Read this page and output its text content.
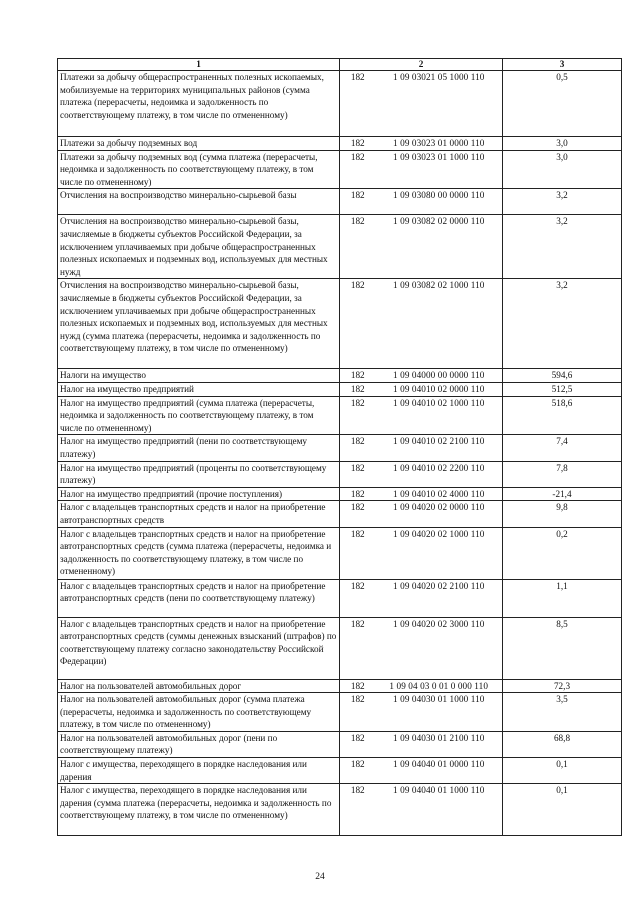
1	2		3
Платежи за добычу общераспространенных полезных ископаемых, мобилизуемые на территориях муниципальных районов (сумма платежа (перерасчеты, недоимка и задолженность по соответствующему платежу, в том числе по отмененному)	182	1 09 03021 05 1000 110	0,5
Платежи за добычу подземных вод	182	1 09 03023 01 0000 110	3,0
Платежи за добычу подземных вод (сумма платежа (перерасчеты, недоимка и задолженность по соответствующему платежу, в том числе по отмененному)	182	1 09 03023 01 1000 110	3,0
Отчисления на воспроизводство минерально-сырьевой базы	182	1 09 03080 00 0000 110	3,2
Отчисления на воспроизводство минерально-сырьевой базы, зачисляемые в бюджеты субъектов Российской Федерации, за исключением уплачиваемых при добыче общераспространенных полезных ископаемых и подземных вод, используемых для местных нужд	182	1 09 03082 02 0000 110	3,2
Отчисления на воспроизводство минерально-сырьевой базы, зачисляемые в бюджеты субъектов Российской Федерации, за исключением уплачиваемых при добыче общераспространенных полезных ископаемых и подземных вод, используемых для местных нужд (сумма платежа (перерасчеты, недоимка и задолженность по соответствующему платежу, в том числе по отмененному)	182	1 09 03082 02 1000 110	3,2
Налоги на имущество	182	1 09 04000 00 0000 110	594,6
Налог на имущество предприятий	182	1 09 04010 02 0000 110	512,5
Налог на имущество предприятий (сумма платежа (перерасчеты, недоимка и задолженность по соответствующему платежу, в том числе по отмененному)	182	1 09 04010 02 1000 110	518,6
Налог на имущество предприятий (пени по соответствующему платежу)	182	1 09 04010 02 2100 110	7,4
Налог на имущество предприятий (проценты по соответствующему платежу)	182	1 09 04010 02 2200 110	7,8
Налог на имущество предприятий (прочие поступления)	182	1 09 04010 02 4000 110	-21,4
Налог с владельцев транспортных средств и налог на приобретение автотранспортных средств	182	1 09 04020 02 0000 110	9,8
Налог с владельцев транспортных средств и налог на приобретение автотранспортных средств (сумма платежа (перерасчеты, недоимка и задолженность по соответствующему платежу, в том числе по отмененному)	182	1 09 04020 02 1000 110	0,2
Налог с владельцев транспортных средств и налог на приобретение автотранспортных средств (пени по соответствующему платежу)	182	1 09 04020 02 2100 110	1,1
Налог с владельцев транспортных средств и налог на приобретение автотранспортных средств (суммы денежных взысканий (штрафов) по соответствующему платежу согласно законодательству Российской Федерации)	182	1 09 04020 02 3000 110	8,5
Налог на пользователей автомобильных дорог	182	1 09 04 03 0 01 0 000 110	72,3
Налог на пользователей автомобильных дорог (сумма платежа (перерасчеты, недоимка и задолженность по соответствующему платежу, в том числе по отмененному)	182	1 09 04030 01 1000 110	3,5
Налог на пользователей автомобильных дорог (пени по соответствующему платежу)	182	1 09 04030 01 2100 110	68,8
Налог с имущества, переходящего в порядке наследования или дарения	182	1 09 04040 01 0000 110	0,1
Налог с имущества, переходящего в порядке наследования или дарения (сумма платежа (перерасчеты, недоимка и задолженность по соответствующему платежу, в том числе по отмененному)	182	1 09 04040 01 1000 110	0,1
24
